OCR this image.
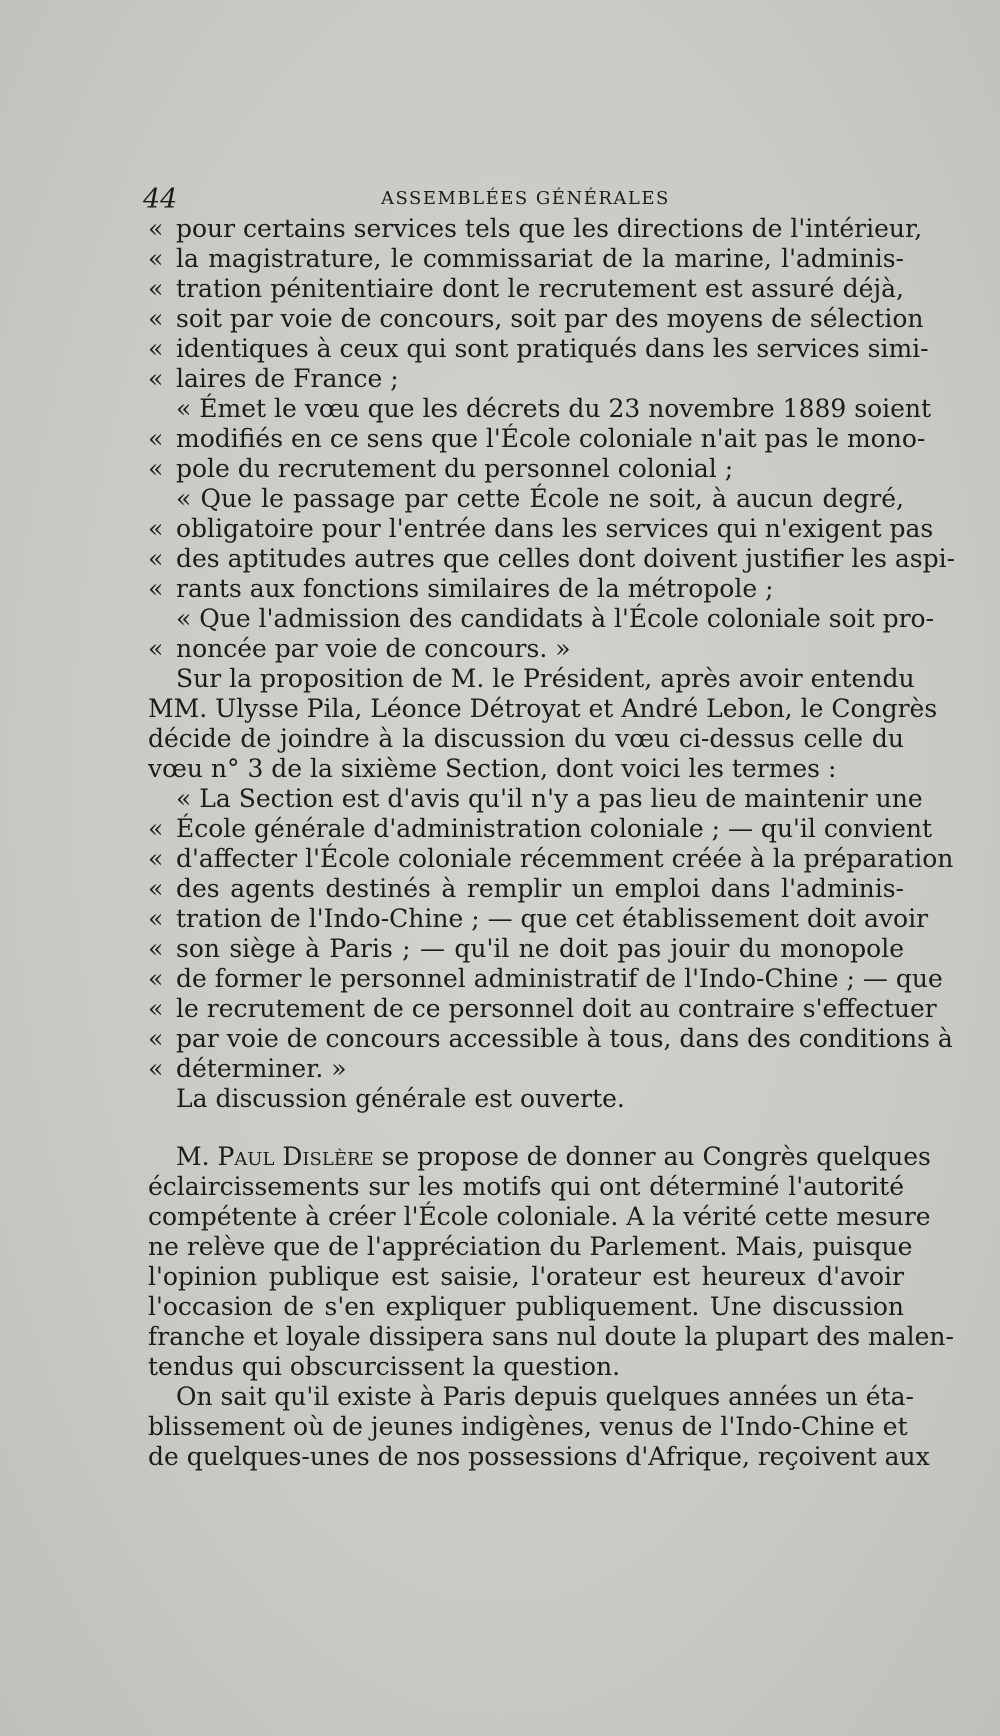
44	ASSEMBLÉES GÉNÉRALES
« pour certains services tels que les directions de l'intérieur,
« la magistrature, le commissariat de la marine, l'adminis-
« tration pénitentiaire dont le recrutement est assuré déjà,
« soit par voie de concours, soit par des moyens de sélection
« identiques à ceux qui sont pratiqués dans les services simi-
« laires de France ;
« Émet le vœu que les décrets du 23 novembre 1889 soient
« modifiés en ce sens que l'École coloniale n'ait pas le mono-
« pole du recrutement du personnel colonial ;
« Que le passage par cette École ne soit, à aucun degré,
« obligatoire pour l'entrée dans les services qui n'exigent pas
« des aptitudes autres que celles dont doivent justifier les aspi-
« rants aux fonctions similaires de la métropole ;
« Que l'admission des candidats à l'École coloniale soit pro-
« noncée par voie de concours. »
Sur la proposition de M. le Président, après avoir entendu
MM. Ulysse Pila, Léonce Détroyat et André Lebon, le Congrès
décide de joindre à la discussion du vœu ci-dessus celle du
vœu n° 3 de la sixième Section, dont voici les termes :
« La Section est d'avis qu'il n'y a pas lieu de maintenir une
« École générale d'administration coloniale ; — qu'il convient
« d'affecter l'École coloniale récemment créée à la préparation
« des agents destinés à remplir un emploi dans l'adminis-
« tration de l'Indo-Chine ; — que cet établissement doit avoir
« son siège à Paris ; — qu'il ne doit pas jouir du monopole
« de former le personnel administratif de l'Indo-Chine ; — que
« le recrutement de ce personnel doit au contraire s'effectuer
« par voie de concours accessible à tous, dans des conditions à
« déterminer. »
La discussion générale est ouverte.
M. Paul Dislère se propose de donner au Congrès quelques
éclaircissements sur les motifs qui ont déterminé l'autorité
compétente à créer l'École coloniale. A la vérité cette mesure
ne relève que de l'appréciation du Parlement. Mais, puisque
l'opinion publique est saisie, l'orateur est heureux d'avoir
l'occasion de s'en expliquer publiquement. Une discussion
franche et loyale dissipera sans nul doute la plupart des malen-
tendus qui obscurcissent la question.
On sait qu'il existe à Paris depuis quelques années un éta-
blissement où de jeunes indigènes, venus de l'Indo-Chine et
de quelques-unes de nos possessions d'Afrique, reçoivent aux
